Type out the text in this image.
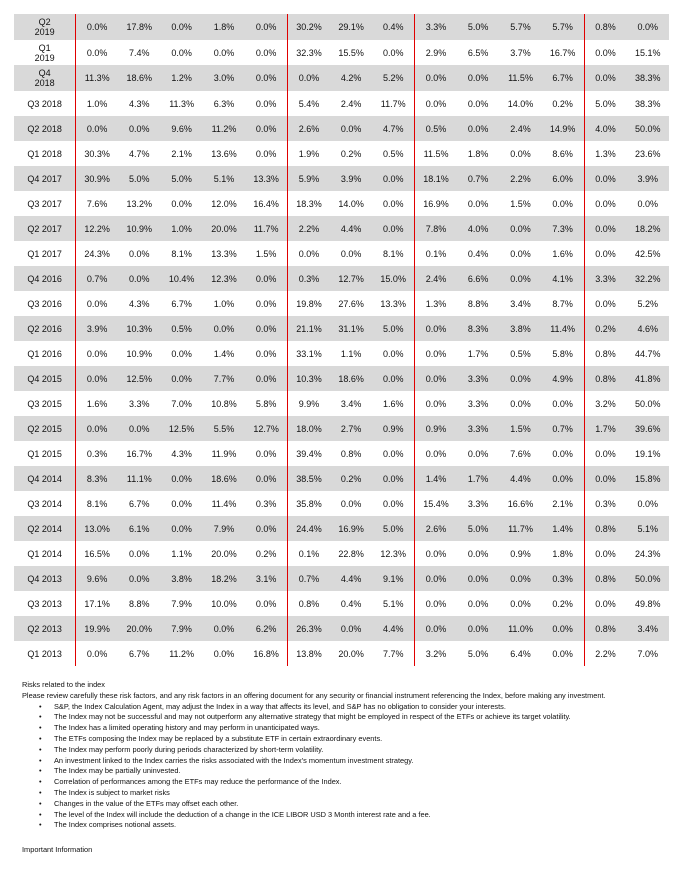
Q2
2019	0.0%	17.8%	0.0%	1.8%	0.0%	30.2%	29.1%	0.4%	3.3%	5.0%	5.7%	5.7%	0.8%	0.0%
Q1
2019	0.0%	7.4%	0.0%	0.0%	0.0%	32.3%	15.5%	0.0%	2.9%	6.5%	3.7%	16.7%	0.0%	15.1%
Q4
2018	11.3%	18.6%	1.2%	3.0%	0.0%	0.0%	4.2%	5.2%	0.0%	0.0%	11.5%	6.7%	0.0%	38.3%
Q3 2018	1.0%	4.3%	11.3%	6.3%	0.0%	5.4%	2.4%	11.7%	0.0%	0.0%	14.0%	0.2%	5.0%	38.3%
Q2 2018	0.0%	0.0%	9.6%	11.2%	0.0%	2.6%	0.0%	4.7%	0.5%	0.0%	2.4%	14.9%	4.0%	50.0%
Q1 2018	30.3%	4.7%	2.1%	13.6%	0.0%	1.9%	0.2%	0.5%	11.5%	1.8%	0.0%	8.6%	1.3%	23.6%
Q4 2017	30.9%	5.0%	5.0%	5.1%	13.3%	5.9%	3.9%	0.0%	18.1%	0.7%	2.2%	6.0%	0.0%	3.9%
Q3 2017	7.6%	13.2%	0.0%	12.0%	16.4%	18.3%	14.0%	0.0%	16.9%	0.0%	1.5%	0.0%	0.0%	0.0%
Q2 2017	12.2%	10.9%	1.0%	20.0%	11.7%	2.2%	4.4%	0.0%	7.8%	4.0%	0.0%	7.3%	0.0%	18.2%
Q1 2017	24.3%	0.0%	8.1%	13.3%	1.5%	0.0%	0.0%	8.1%	0.1%	0.4%	0.0%	1.6%	0.0%	42.5%
Q4 2016	0.7%	0.0%	10.4%	12.3%	0.0%	0.3%	12.7%	15.0%	2.4%	6.6%	0.0%	4.1%	3.3%	32.2%
Q3 2016	0.0%	4.3%	6.7%	1.0%	0.0%	19.8%	27.6%	13.3%	1.3%	8.8%	3.4%	8.7%	0.0%	5.2%
Q2 2016	3.9%	10.3%	0.5%	0.0%	0.0%	21.1%	31.1%	5.0%	0.0%	8.3%	3.8%	11.4%	0.2%	4.6%
Q1 2016	0.0%	10.9%	0.0%	1.4%	0.0%	33.1%	1.1%	0.0%	0.0%	1.7%	0.5%	5.8%	0.8%	44.7%
Q4 2015	0.0%	12.5%	0.0%	7.7%	0.0%	10.3%	18.6%	0.0%	0.0%	3.3%	0.0%	4.9%	0.8%	41.8%
Q3 2015	1.6%	3.3%	7.0%	10.8%	5.8%	9.9%	3.4%	1.6%	0.0%	3.3%	0.0%	0.0%	3.2%	50.0%
Q2 2015	0.0%	0.0%	12.5%	5.5%	12.7%	18.0%	2.7%	0.9%	0.9%	3.3%	1.5%	0.7%	1.7%	39.6%
Q1 2015	0.3%	16.7%	4.3%	11.9%	0.0%	39.4%	0.8%	0.0%	0.0%	0.0%	7.6%	0.0%	0.0%	19.1%
Q4 2014	8.3%	11.1%	0.0%	18.6%	0.0%	38.5%	0.2%	0.0%	1.4%	1.7%	4.4%	0.0%	0.0%	15.8%
Q3 2014	8.1%	6.7%	0.0%	11.4%	0.3%	35.8%	0.0%	0.0%	15.4%	3.3%	16.6%	2.1%	0.3%	0.0%
Q2 2014	13.0%	6.1%	0.0%	7.9%	0.0%	24.4%	16.9%	5.0%	2.6%	5.0%	11.7%	1.4%	0.8%	5.1%
Q1 2014	16.5%	0.0%	1.1%	20.0%	0.2%	0.1%	22.8%	12.3%	0.0%	0.0%	0.9%	1.8%	0.0%	24.3%
Q4 2013	9.6%	0.0%	3.8%	18.2%	3.1%	0.7%	4.4%	9.1%	0.0%	0.0%	0.0%	0.3%	0.8%	50.0%
Q3 2013	17.1%	8.8%	7.9%	10.0%	0.0%	0.8%	0.4%	5.1%	0.0%	0.0%	0.0%	0.2%	0.0%	49.8%
Q2 2013	19.9%	20.0%	7.9%	0.0%	6.2%	26.3%	0.0%	4.4%	0.0%	0.0%	11.0%	0.0%	0.8%	3.4%
Q1 2013	0.0%	6.7%	11.2%	0.0%	16.8%	13.8%	20.0%	7.7%	3.2%	5.0%	6.4%	0.0%	2.2%	7.0%
Risks related to the index
Please review carefully these risk factors, and any risk factors in an offering document for any security or financial instrument referencing the Index, before making any investment.
• S&P, the Index Calculation Agent, may adjust the Index in a way that affects its level, and S&P has no obligation to consider your interests.
• The Index may not be successful and may not outperform any alternative strategy that might be employed in respect of the ETFs or achieve its target volatility.
• The Index has a limited operating history and may perform in unanticipated ways.
• The ETFs composing the Index may be replaced by a substitute ETF in certain extraordinary events.
• The Index may perform poorly during periods characterized by short-term volatility.
• An investment linked to the Index carries the risks associated with the Index's momentum investment strategy.
• The Index may be partially uninvested.
• Correlation of performances among the ETFs may reduce the performance of the Index.
• The Index is subject to market risks
• Changes in the value of the ETFs may offset each other.
• The level of the Index will include the deduction of a change in the ICE LIBOR USD 3 Month interest rate and a fee.
• The Index comprises notional assets.
Important Information
